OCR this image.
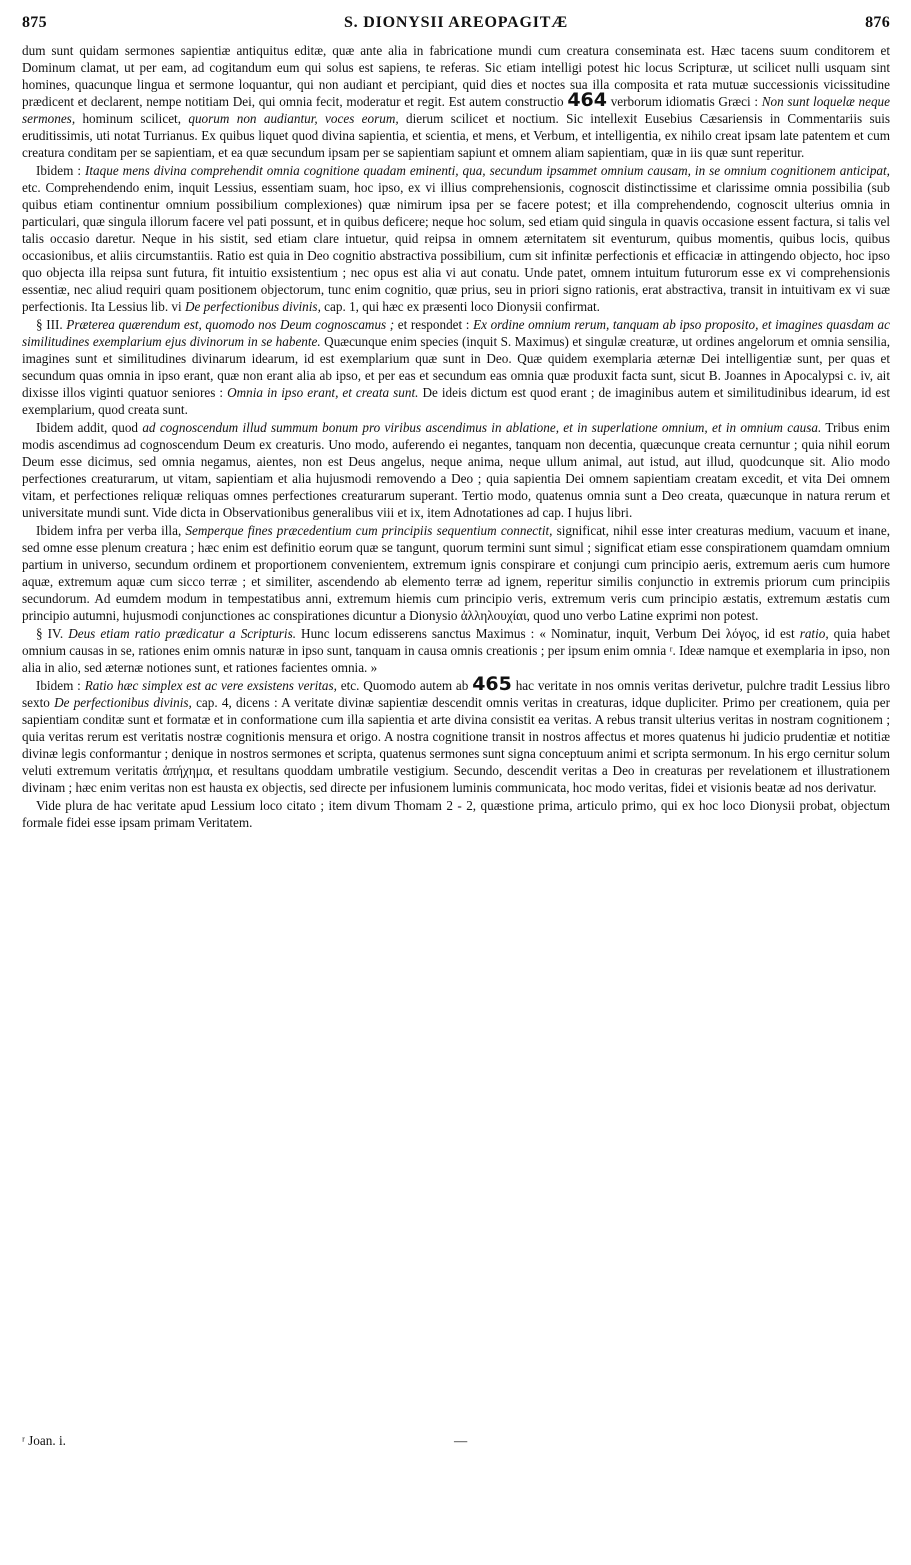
875	S. DIONYSII AREOPAGITÆ	876
dum sunt quidam sermones sapientiæ antiquitus editæ, quæ ante alia in fabricatione mundi cum creatura conseminata est. Hæc tacens suum conditorem et Dominum clamat, ut per eam, ad cogitandum eum qui solus est sapiens, te referas. Sic etiam intelligi potest hic locus Scripturæ, ut scilicet nulli usquam sint homines, quacunque lingua et sermone loquantur, qui non audiant et percipiant, quid dies et noctes sua illa composita et rata mutuæ successionis vicissitudine prædicent et declarent, nempe notitiam Dei, qui omnia fecit, moderatur et regit. Est autem constructio 464 verborum idiomatis Græci : Non sunt loquelæ neque sermones, hominum scilicet, quorum non audiantur, voces eorum, dierum scilicet et noctium. Sic intellexit Eusebius Cæsariensis in Commentariis suis eruditissimis, uti notat Turrianus. Ex quibus liquet quod divina sapientia, et scientia, et mens, et Verbum, et intelligentia, ex nihilo creat ipsam late patentem et cum creatura conditam per se sapientiam, et ea quæ secundum ipsam per se sapientiam sapiunt et omnem aliam sapientiam, quæ in iis quæ sunt reperitur.
Ibidem : Itaque mens divina comprehendit omnia cognitione quadam eminenti, qua, secundum ipsammet omnium causam, in se omnium cognitionem anticipat, etc. Comprehendendo enim, inquit Lessius, essentiam suam, hoc ipso, ex vi illius comprehensionis, cognoscit distinctissime et clarissime omnia possibilia (sub quibus etiam continentur omnium possibilium complexiones) quæ nimirum ipsa per se facere potest; et illa comprehendendo, cognoscit ulterius omnia in particulari, quæ singula illorum facere vel pati possunt, et in quibus deficere; neque hoc solum, sed etiam quid singula in quavis occasione essent factura, si talis vel talis occasio daretur. Neque in his sistit, sed etiam clare intuetur, quid reipsa in omnem æternitatem sit eventurum, quibus momentis, quibus locis, quibus occasionibus, et aliis circumstantiis. Ratio est quia in Deo cognitio abstractiva possibilium, cum sit infinitæ perfectionis et efficaciæ in attingendo objecto, hoc ipso quo objecta illa reipsa sunt futura, fit intuitio exsistentium ; nec opus est alia vi aut conatu. Unde patet, omnem intuitum futurorum esse ex vi comprehensionis essentiæ, nec aliud requiri quam positionem objectorum, tunc enim cognitio, quæ prius, seu in priori signo rationis, erat abstractiva, transit in intuitivam ex vi suæ perfectionis. Ita Lessius lib. vi De perfectionibus divinis, cap. 1, qui hæc ex præsenti loco Dionysii confirmat.
§ III. Præterea quærendum est, quomodo nos Deum cognoscamus ; et respondet : Ex ordine omnium rerum, tanquam ab ipso proposito, et imagines quasdam ac similitudines exemplarium ejus divinorum in se habente. Quæcunque enim species (inquit S. Maximus) et singulæ creaturæ, ut ordines angelorum et omnia sensilia, imagines sunt et similitudines divinarum idearum, id est exemplarium quæ sunt in Deo. Quæ quidem exemplaria æternæ Dei intelligentiæ sunt, per quas et secundum quas omnia in ipso erant, quæ non erant alia ab ipso, et per eas et secundum eas omnia quæ produxit facta sunt, sicut B. Joannes in Apocalypsi c. iv, ait dixisse illos viginti quatuor seniores : Omnia in ipso erant, et creata sunt. De ideis dictum est quod erant ; de imaginibus autem et similitudinibus idearum, id est exemplarium, quod creata sunt.
Ibidem addit, quod ad cognoscendum illud summum bonum pro viribus ascendimus in ablatione, et in superlatione omnium, et in omnium causa. Tribus enim modis ascendimus ad cognoscendum Deum ex creaturis. Uno modo, auferendo ei negantes, tanquam non decentia, quæcunque creata cernuntur ; quia nihil eorum Deum esse dicimus, sed omnia negamus, aientes, non est Deus angelus, neque anima, neque ullum animal, aut istud, aut illud, quodcunque sit. Alio modo perfectiones creaturarum, ut vitam, sapientiam et alia hujusmodi removendo a Deo ; quia sapientia Dei omnem sapientiam creatam excedit, et vita Dei omnem vitam, et perfectiones reliquæ reliquas omnes perfectiones creaturarum superant. Tertio modo, quatenus omnia sunt a Deo creata, quæcunque in natura rerum et universitate mundi sunt. Vide dicta in Observationibus generalibus viii et ix, item Adnotationes ad cap. I hujus libri.
Ibidem infra per verba illa, Semperque fines præcedentium cum principiis sequentium connectit, significat, nihil esse inter creaturas medium, vacuum et inane, sed omne esse plenum creatura ; hæc enim est definitio eorum quæ se tangunt, quorum termini sunt simul ; significat etiam esse conspirationem quamdam omnium partium in universo, secundum ordinem et proportionem convenientem, extremum ignis conspirare et conjungi cum principio aeris, extremum aeris cum humore aquæ, extremum aquæ cum sicco terræ ; et similiter, ascendendo ab elemento terræ ad ignem, reperitur similis conjunctio in extremis priorum cum principiis secundorum. Ad eumdem modum in tempestatibus anni, extremum hiemis cum principio veris, extremum veris cum principio æstatis, extremum æstatis cum principio autumni, hujusmodi conjunctiones ac conspirationes dicuntur a Dionysio ἀλληλουχίαι, quod uno verbo Latine exprimi non potest.
§ IV. Deus etiam ratio prædicatur a Scripturis. Hunc locum edisserens sanctus Maximus : « Nominatur, inquit, Verbum Dei λόγος, id est ratio, quia habet omnium causas in se, rationes enim omnis naturæ in ipso sunt, tanquam in causa omnis creationis ; per ipsum enim omnia ʳ. Ideæ namque et exemplaria in ipso, non alia in alio, sed æternæ notiones sunt, et rationes facientes omnia. »
Ibidem : Ratio hæc simplex est ac vere exsistens veritas, etc. Quomodo autem ab 465 hac veritate in nos omnis veritas derivetur, pulchre tradit Lessius libro sexto De perfectionibus divinis, cap. 4, dicens : A veritate divinæ sapientiæ descendit omnis veritas in creaturas, idque dupliciter. Primo per creationem, quia per sapientiam conditæ sunt et formatæ et in conformatione cum illa sapientia et arte divina consistit ea veritas. A rebus transit ulterius veritas in nostram cognitionem ; quia veritas rerum est veritatis nostræ cognitionis mensura et origo. A nostra cognitione transit in nostros affectus et mores quatenus hi judicio prudentiæ et notitiæ divinæ legis conformantur ; denique in nostros sermones et scripta, quatenus sermones sunt signa conceptuum animi et scripta sermonum. In his ergo cernitur solum veluti extremum veritatis ἀπήχημα, et resultans quoddam umbratile vestigium. Secundo, descendit veritas a Deo in creaturas per revelationem et illustrationem divinam ; hæc enim veritas non est hausta ex objectis, sed directe per infusionem luminis communicata, hoc modo veritas, fidei et visionis beatæ ad nos derivatur.
Vide plura de hac veritate apud Lessium loco citato ; item divum Thomam 2 - 2, quæstione prima, articulo primo, qui ex hoc loco Dionysii probat, objectum formale fidei esse ipsam primam Veritatem.
ʳ Joan. i.	—
